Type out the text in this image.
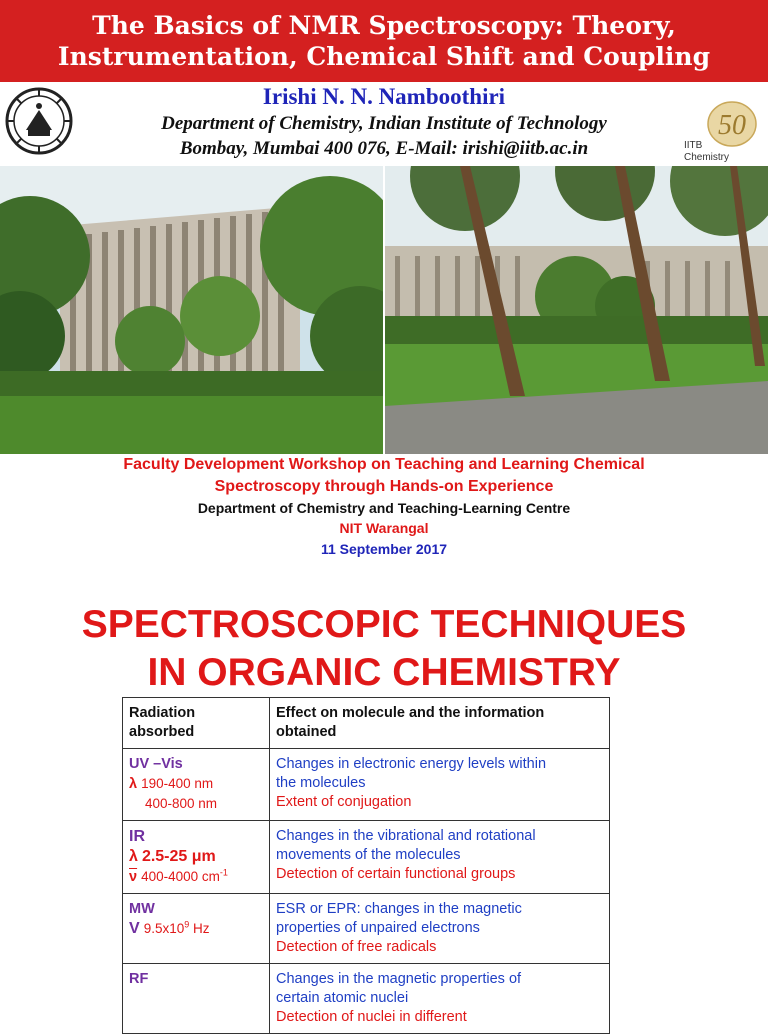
The Basics of NMR Spectroscopy: Theory,
Instrumentation, Chemical Shift and Coupling
Irishi N. N. Namboothiri
Department of Chemistry, Indian Institute of Technology
Bombay, Mumbai 400 076, E-Mail: irishi@iitb.ac.in
50
IITB
Chemistry
Faculty Development Workshop on Teaching and Learning Chemical
Spectroscopy through Hands-on Experience
Department of Chemistry and Teaching-Learning Centre
NIT Warangal
11 September 2017
SPECTROSCOPIC TECHNIQUES
IN ORGANIC CHEMISTRY
Radiation
absorbed	Effect on molecule and the information
obtained
UV –Vis
λ 190-400 nm
400-800 nm	Changes in electronic energy levels within
the molecules
Extent of conjugation
IR
λ 2.5-25 μm
$\overline{\nu}$ 400-4000 $cm^{-1}$	Changes in the vibrational and rotational
movements of the molecules
Detection of certain functional groups
MW
V $9.5x10^9$ Hz	ESR or EPR: changes in the magnetic
properties of unpaired electrons
Detection of free radicals
RF	Changes in the magnetic properties of
certain atomic nuclei
Detection of nuclei in different
